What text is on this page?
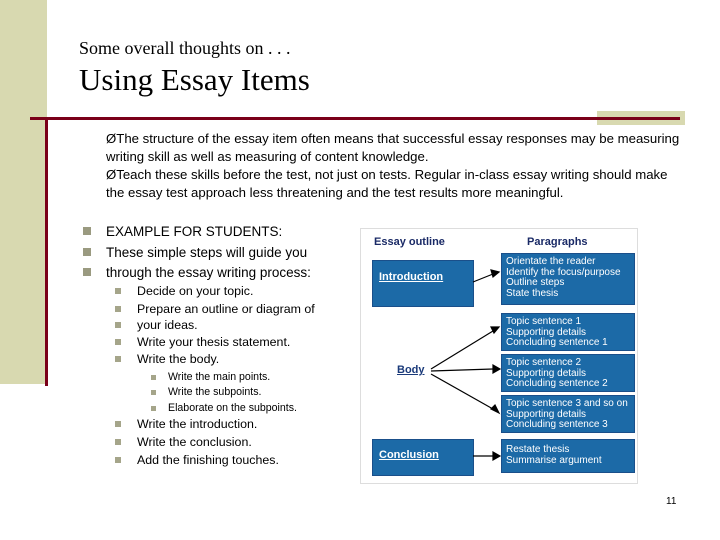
Some overall thoughts on . . .
Using Essay Items

ØThe structure of the essay item often means that successful essay responses may be measuring writing skill as well as measuring of content knowledge.

ØTeach these skills before the test, not just on tests. Regular in-class essay writing should make the essay test approach less threatening and the test results more meaningful.

EXAMPLE FOR STUDENTS:
These simple steps will guide you
through the essay writing process:
Decide on your topic.
Prepare an outline or diagram of
your ideas.
Write your thesis statement.
Write the body.
Write the main points.
Write the subpoints.
Elaborate on the subpoints.
Write the introduction.
Write the conclusion.
Add the finishing touches.
Essay outline	Paragraphs
Introduction
Body
Conclusion
Orientate the reader
Identify the focus/purpose
Outline steps
State thesis
Topic sentence 1
Supporting details
Concluding sentence 1
Topic sentence 2
Supporting details
Concluding sentence 2
Topic sentence 3 and so on
Supporting details
Concluding sentence 3
Restate thesis
Summarise argument
11
